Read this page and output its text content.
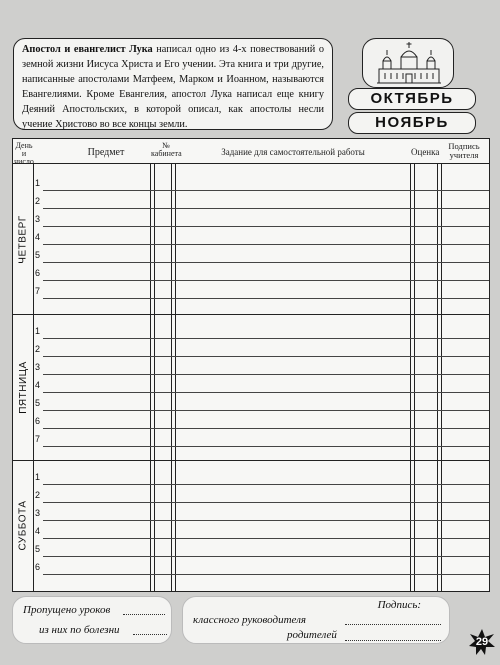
Апостол и евангелист Лука написал одно из 4-х повествований о земной жизни Иисуса Христа и Его учении. Эта книга и три другие, написанные апостолами Матфеем, Марком и Иоанном, называются Евангелиями. Кроме Евангелия, апостол Лука написал еще книгу Деяний Апостольских, в которой описал, как апостолы несли учение Христово во все концы земли.
ОКТЯБРЬ
НОЯБРЬ
День и число
Предмет
№ кабинета	Задание для самостоятельной работы	Оценка
Подпись учителя
ЧЕТВЕРГ
1
2
3
4
5
6
7
ПЯТНИЦА
1
2
3
4
5
6
7
СУББОТА
1
2
3
4
5
6
Пропущено уроков
из них по болезни
Подпись:
классного руководителя
родителей
29
